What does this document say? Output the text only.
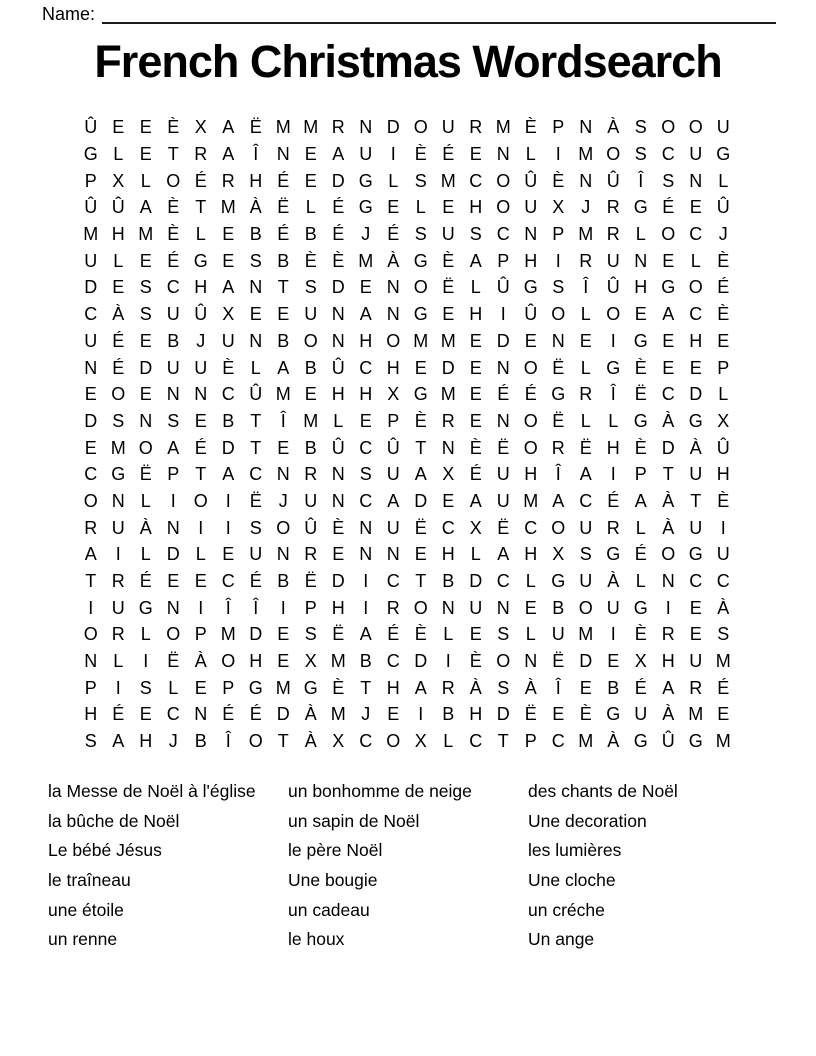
Name:
French Christmas Wordsearch
Û E E È X A Ë M M R N D O U R M È P N À S O O U
G L E T R A	Î	N E A U	I	È É E N L	I M O S C U G
P X L O É R H É E D G L S M C O Û È N Û	Î	S N L
Û Û A È T M À Ë L É G E L E H O U X J R G É E Û
M H M È L E B É B É J É S U S C N P M R L O C J
U L E É G E S B È È M À G È A P H	I	R U N E L È
D E S C H A N T S D E N O Ë L Û G S	Î	Û H G O É
C À S U Û X E E U N A N G E H	I	Û O L O E A C È
U É E B J U N B O N H O M M E D E N E	I G E H E
N É D U U È L A B Û C H E D E N O Ë L G È E E P
E O E N N C Û M E H H X G M E É É G R	Î	Ë C D L
D S N S E B T	Î M L E P È R E N O Ë L L G À G X
E M O A É D T E B Û C Û T N È Ë O R Ë H È D À Û
C G Ë P T A C N R N S U A X É U H	Î	A	I	P T U H
O N L	I O I	Ë J U N C A D E A U M A C É A À T È
R U À N	I	I	S O Û È N U Ë C X Ë C O U R L À U	I
A	I	L D L E U N R E N N E H L A H X S G É O G U
T R É E E C É B Ë D	I	C T B D C L G U À L N C C
I	U G N	I	Î	Î	I	P H	I	R O N U N E B O U G I	E À
O R L O P M D E S Ë A É È L E S L U M I	È R E S
N L	I	Ë À O H E X M B C D	I	È O N Ë D E X H U M
P	I	S L E P G M G È T H A R À S À	Î	E B É A R É
H É E C N É É D À M J E	I	B H D Ë E È G U À M E
S A H J B	Î O T À X C O X L C T P C M À G Û G M
la Messe de Noël à l'église
la bûche de Noël
Le bébé Jésus
le traîneau
une étoile
un renne
un bonhomme de neige
un sapin de Noël
le père Noël
Une bougie
un cadeau
le houx
des chants de Noël
Une decoration
les lumières
Une cloche
un créche
Un ange
